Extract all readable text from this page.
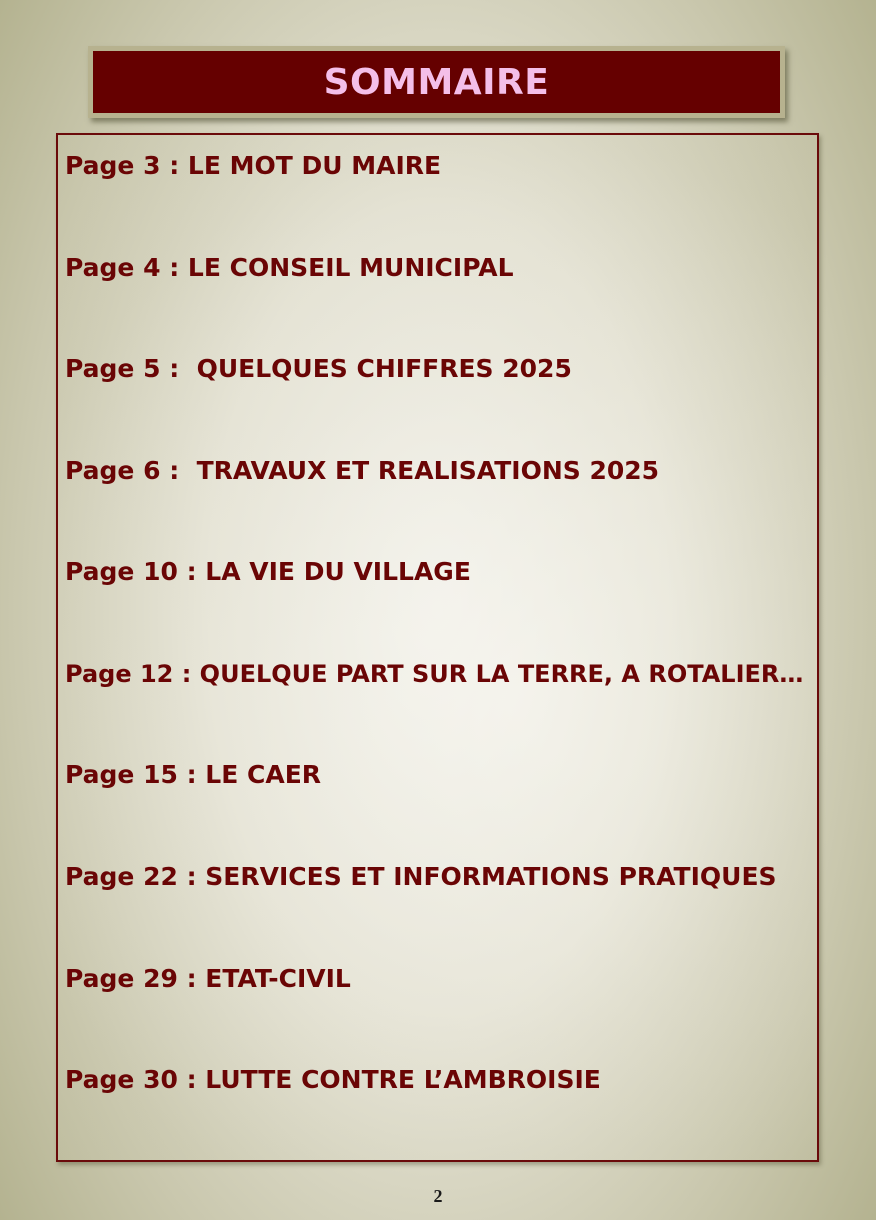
SOMMAIRE
Page 3 : LE MOT DU MAIRE
Page 4 : LE CONSEIL MUNICIPAL
Page 5 :  QUELQUES CHIFFRES 2025
Page 6 :  TRAVAUX ET REALISATIONS 2025
Page 10 : LA VIE DU VILLAGE
Page 12 : QUELQUE PART SUR LA TERRE, A ROTALIER…
Page 15 : LE CAER
Page 22 : SERVICES ET INFORMATIONS PRATIQUES
Page 29 : ETAT-CIVIL
Page 30 : LUTTE CONTRE L’AMBROISIE
2
